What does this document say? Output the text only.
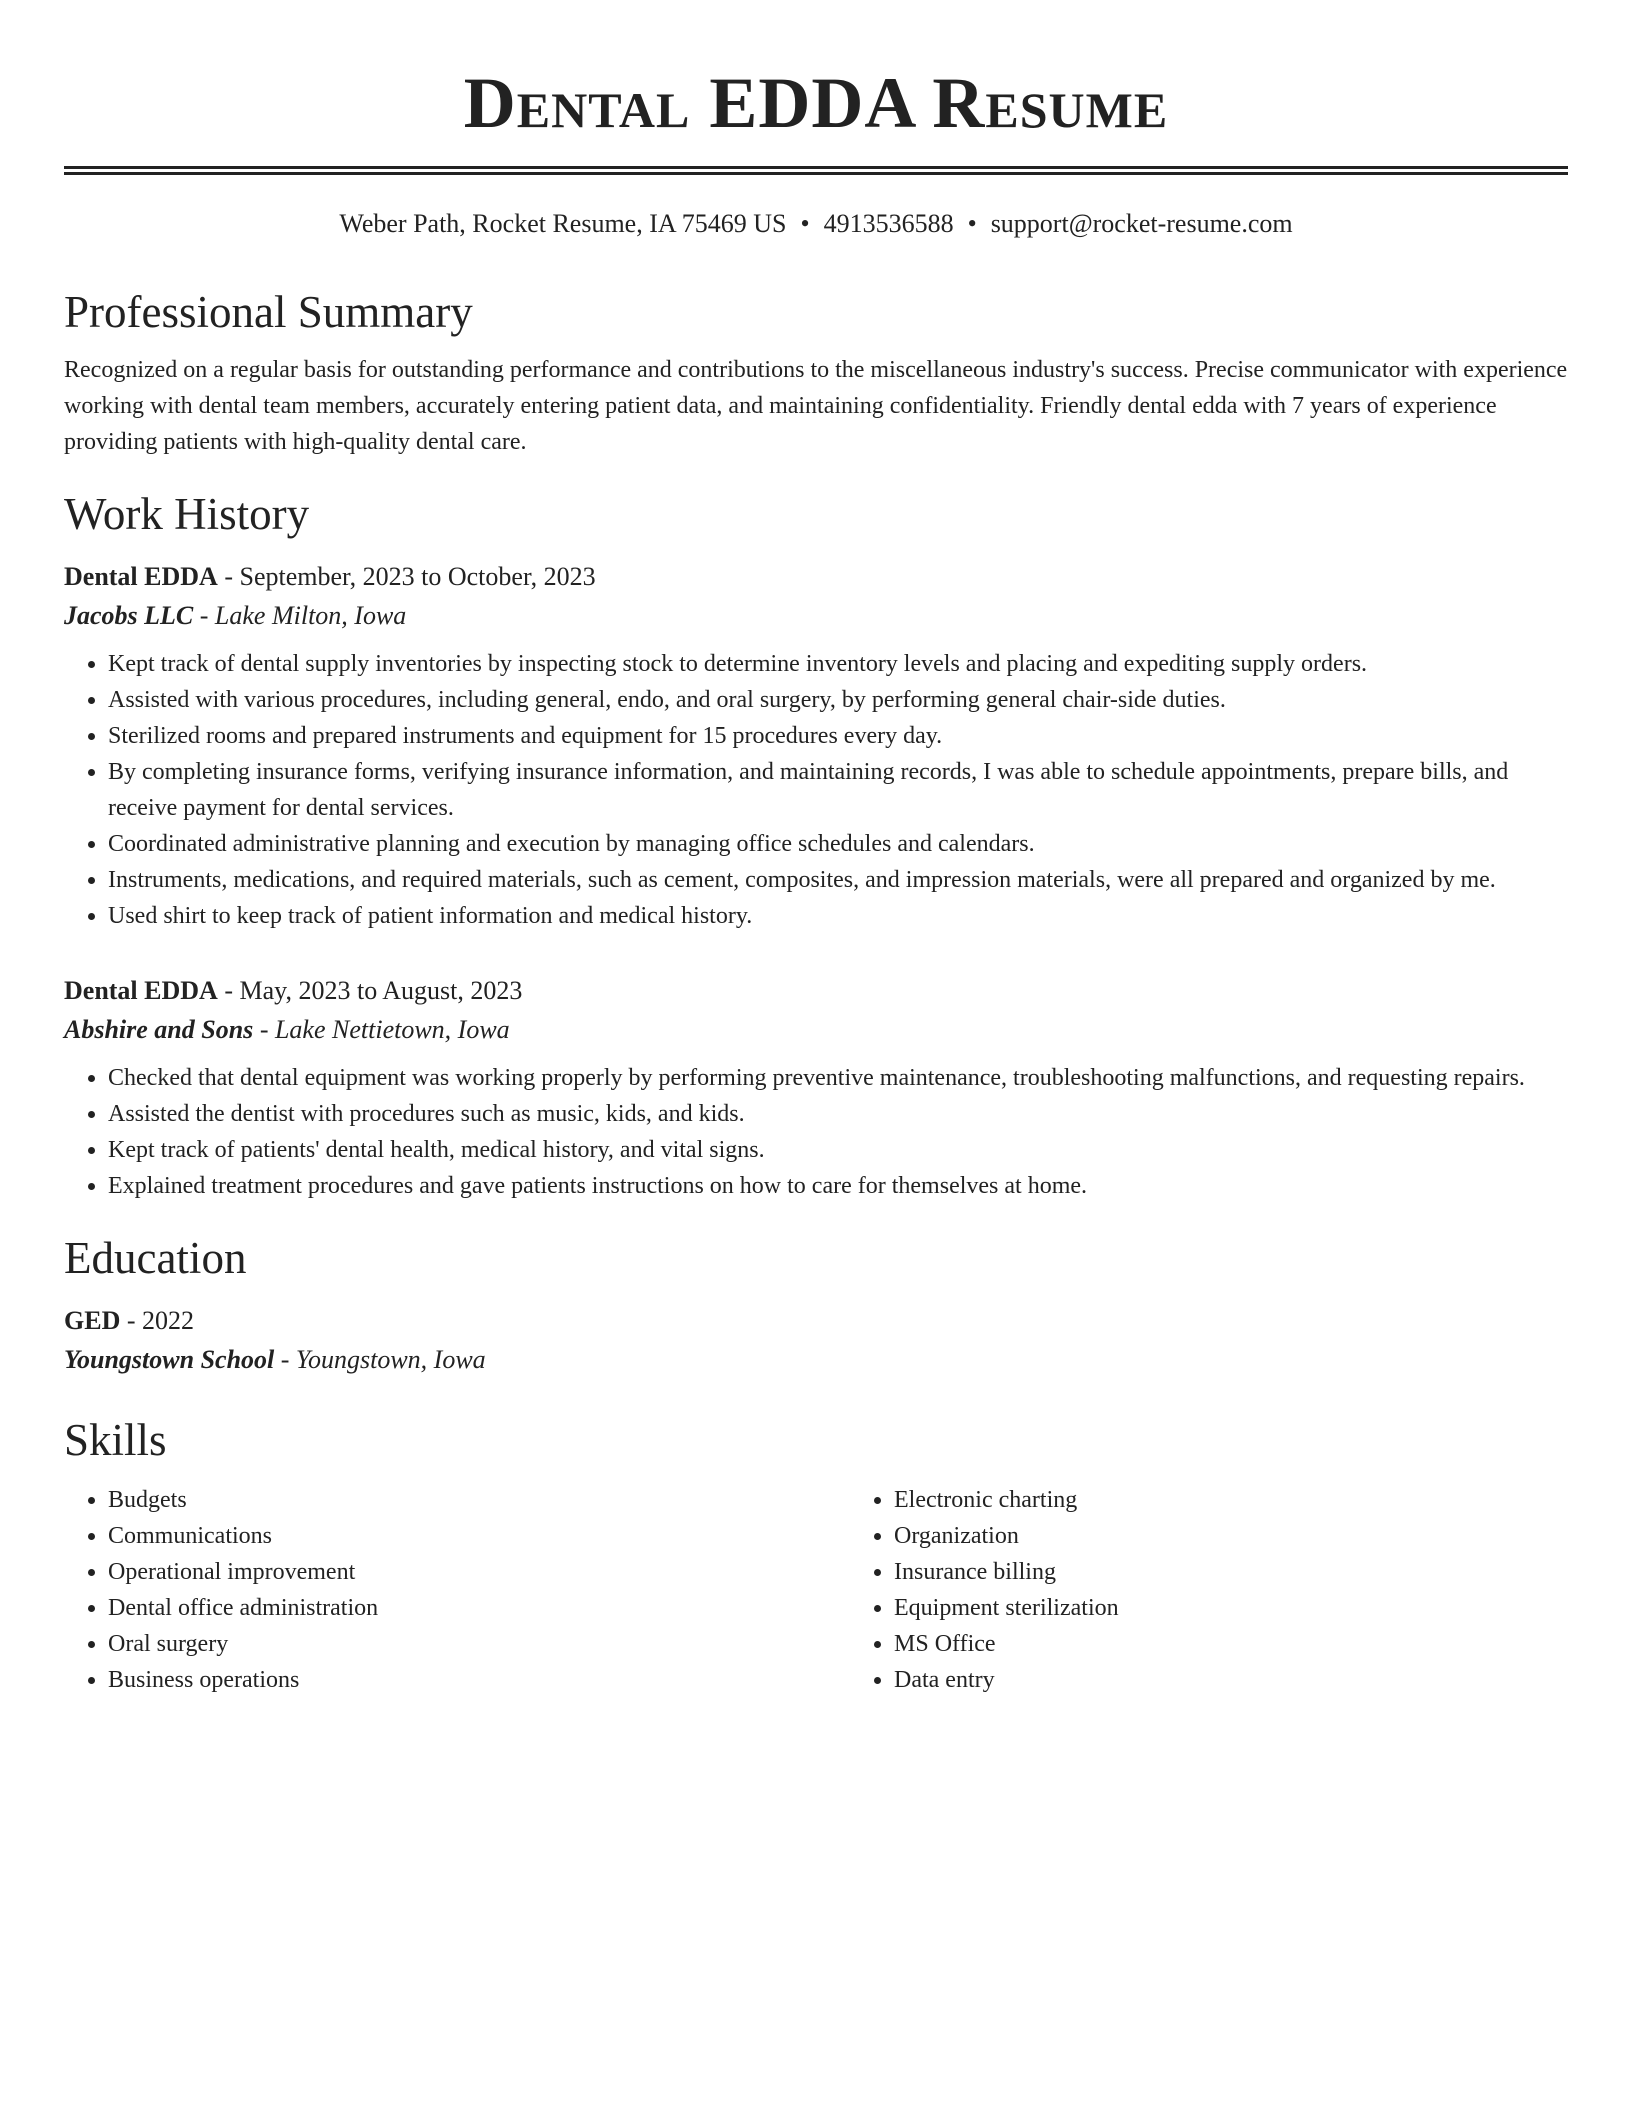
Dental EDDA Resume
Weber Path, Rocket Resume, IA 75469 US • 4913536588 • support@rocket-resume.com
Professional Summary

Recognized on a regular basis for outstanding performance and contributions to the miscellaneous industry's success. Precise communicator with experience working with dental team members, accurately entering patient data, and maintaining confidentiality. Friendly dental edda with 7 years of experience providing patients with high-quality dental care.

Work History
Dental EDDA - September, 2023 to October, 2023
Jacobs LLC - Lake Milton, Iowa
• Kept track of dental supply inventories by inspecting stock to determine inventory levels and placing and expediting supply orders.
• Assisted with various procedures, including general, endo, and oral surgery, by performing general chair-side duties.
• Sterilized rooms and prepared instruments and equipment for 15 procedures every day.
• By completing insurance forms, verifying insurance information, and maintaining records, I was able to schedule appointments, prepare bills, and receive payment for dental services.
• Coordinated administrative planning and execution by managing office schedules and calendars.
• Instruments, medications, and required materials, such as cement, composites, and impression materials, were all prepared and organized by me.
• Used shirt to keep track of patient information and medical history.
Dental EDDA - May, 2023 to August, 2023
Abshire and Sons - Lake Nettietown, Iowa
• Checked that dental equipment was working properly by performing preventive maintenance, troubleshooting malfunctions, and requesting repairs.
• Assisted the dentist with procedures such as music, kids, and kids.
• Kept track of patients' dental health, medical history, and vital signs.
• Explained treatment procedures and gave patients instructions on how to care for themselves at home.
Education
GED - 2022
Youngstown School - Youngstown, Iowa
Skills
• Budgets
• Communications
• Operational improvement
• Dental office administration
• Oral surgery
• Business operations
• Electronic charting
• Organization
• Insurance billing
• Equipment sterilization
• MS Office
• Data entry
